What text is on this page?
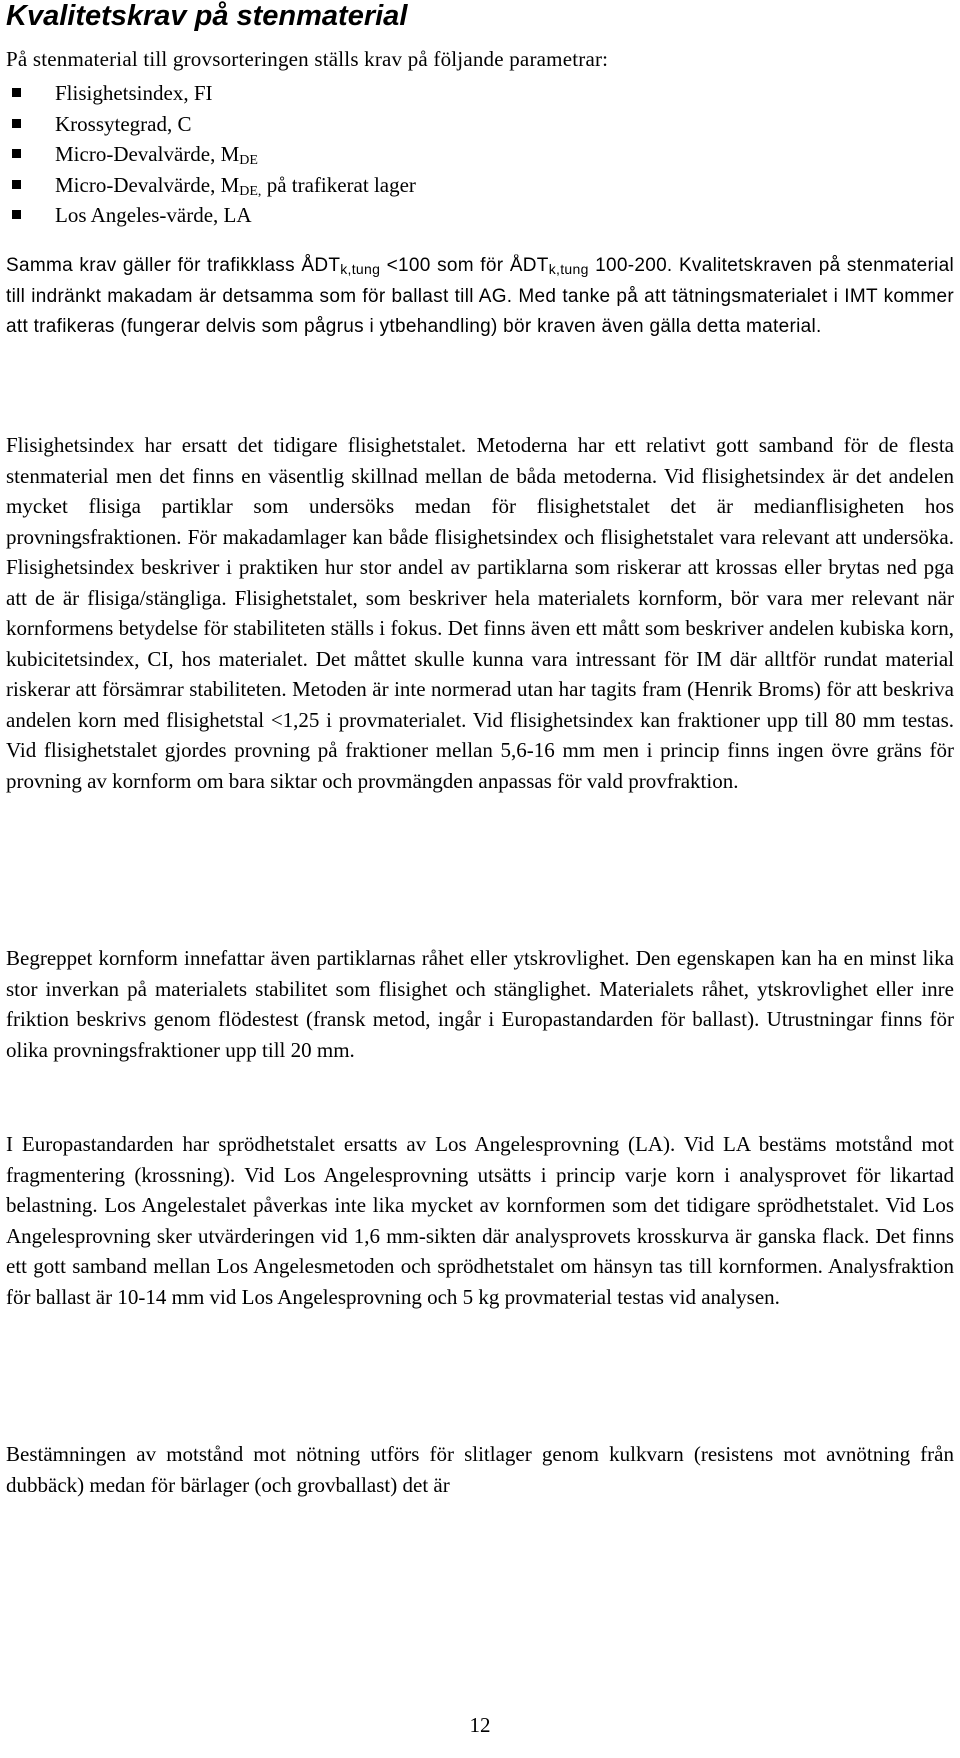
Kvalitetskrav på stenmaterial

På stenmaterial till grovsorteringen ställs krav på följande parametrar:

Flisighetsindex, FI
Krossytegrad, C
Micro-Devalvärde, $M_{DE}$
Micro-Devalvärde, $M_{DE,}$ på trafikerat lager
Los Angeles-värde, LA

Samma krav gäller för trafikklass $ÅDT_{k,tung} <100$ som för $ÅDT_{k,tung}$ 100-200. Kvalitetskraven på stenmaterial till indränkt makadam är detsamma som för ballast till AG. Med tanke på att tätningsmaterialet i IMT kommer att trafikeras (fungerar delvis som pågrus i ytbehandling) bör kraven även gälla detta material.

Flisighetsindex har ersatt det tidigare flisighetstalet. Metoderna har ett relativt gott samband för de flesta stenmaterial men det finns en väsentlig skillnad mellan de båda metoderna. Vid flisighetsindex är det andelen mycket flisiga partiklar som undersöks medan för flisighetstalet det är medianflisigheten hos provningsfraktionen. För makadamlager kan både flisighetsindex och flisighetstalet vara relevant att undersöka. Flisighetsindex beskriver i praktiken hur stor andel av partiklarna som riskerar att krossas eller brytas ned pga att de är flisiga/stängliga. Flisighetstalet, som beskriver hela materialets kornform, bör vara mer relevant när kornformens betydelse för stabiliteten ställs i fokus. Det finns även ett mått som beskriver andelen kubiska korn, kubicitetsindex, CI, hos materialet. Det måttet skulle kunna vara intressant för IM där alltför rundat material riskerar att försämrar stabiliteten. Metoden är inte normerad utan har tagits fram (Henrik Broms) för att beskriva andelen korn med flisighetstal <1,25 i provmaterialet. Vid flisighetsindex kan fraktioner upp till 80 mm testas. Vid flisighetstalet gjordes provning på fraktioner mellan 5,6-16 mm men i princip finns ingen övre gräns för provning av kornform om bara siktar och provmängden anpassas för vald provfraktion.

Begreppet kornform innefattar även partiklarnas råhet eller ytskrovlighet. Den egenskapen kan ha en minst lika stor inverkan på materialets stabilitet som flisighet och stänglighet. Materialets råhet, ytskrovlighet eller inre friktion beskrivs genom flödestest (fransk metod, ingår i Europastandarden för ballast). Utrustningar finns för olika provningsfraktioner upp till 20 mm.

I Europastandarden har sprödhetstalet ersatts av Los Angelesprovning (LA). Vid LA bestäms motstånd mot fragmentering (krossning). Vid Los Angelesprovning utsätts i princip varje korn i analysprovet för likartad belastning. Los Angelestalet påverkas inte lika mycket av kornformen som det tidigare sprödhetstalet. Vid Los Angelesprovning sker utvärderingen vid 1,6 mm-sikten där analysprovets krosskurva är ganska flack. Det finns ett gott samband mellan Los Angelesmetoden och sprödhetstalet om hänsyn tas till kornformen. Analysfraktion för ballast är 10-14 mm vid Los Angelesprovning och 5 kg provmaterial testas vid analysen.

Bestämningen av motstånd mot nötning utförs för slitlager genom kulkvarn (resistens mot avnötning från dubbäck) medan för bärlager (och grovballast) det är

12
